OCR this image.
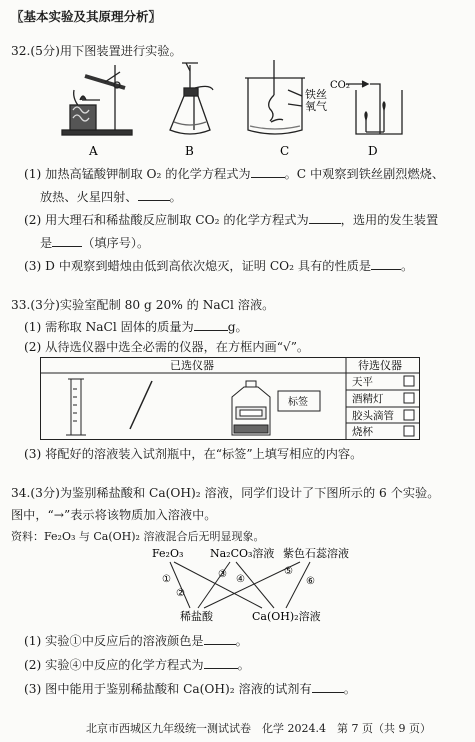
〖基本实验及其原理分析〗
32.(5分)用下图装置进行实验。
A	B
铁丝
氧气
C
CO₂
D
(1) 加热高锰酸钾制取 O₂ 的化学方程式为	。C 中观察到铁丝剧烈燃烧、
放热、火星四射、	。
(2) 用大理石和稀盐酸反应制取 CO₂ 的化学方程式为	，选用的发生装置
是 （填序号）。
(3) D 中观察到蜡烛由低到高依次熄灭，证明 CO₂ 具有的性质是 。
33.(3分)实验室配制 80 g 20% 的 NaCl 溶液。
(1) 需称取 NaCl 固体的质量为	g。
(2) 从待选仪器中选全必需的仪器，在方框内画“√”。
已选仪器	待选仪器
标签
天平
酒精灯
胶头滴管
烧杯
(3) 将配好的溶液装入试剂瓶中，在“标签”上填写相应的内容。
34.(3分)为鉴别稀盐酸和 Ca(OH)₂ 溶液，同学们设计了下图所示的 6 个实验。
图中，“→”表示将该物质加入溶液中。
资料：Fe₂O₃ 与 Ca(OH)₂ 溶液混合后无明显现象。
Fe₂O₃ Na₂CO₃溶液 紫色石蕊溶液
稀盐酸	Ca(OH)₂溶液
①
②
③ ④
⑤
⑥
(1) 实验①中反应后的溶液颜色是	。
(2) 实验④中反应的化学方程式为	。
(3) 图中能用于鉴别稀盐酸和 Ca(OH)₂ 溶液的试剂有	。
北京市西城区九年级统一测试试卷　化学 2024.4　第 7 页（共 9 页）
